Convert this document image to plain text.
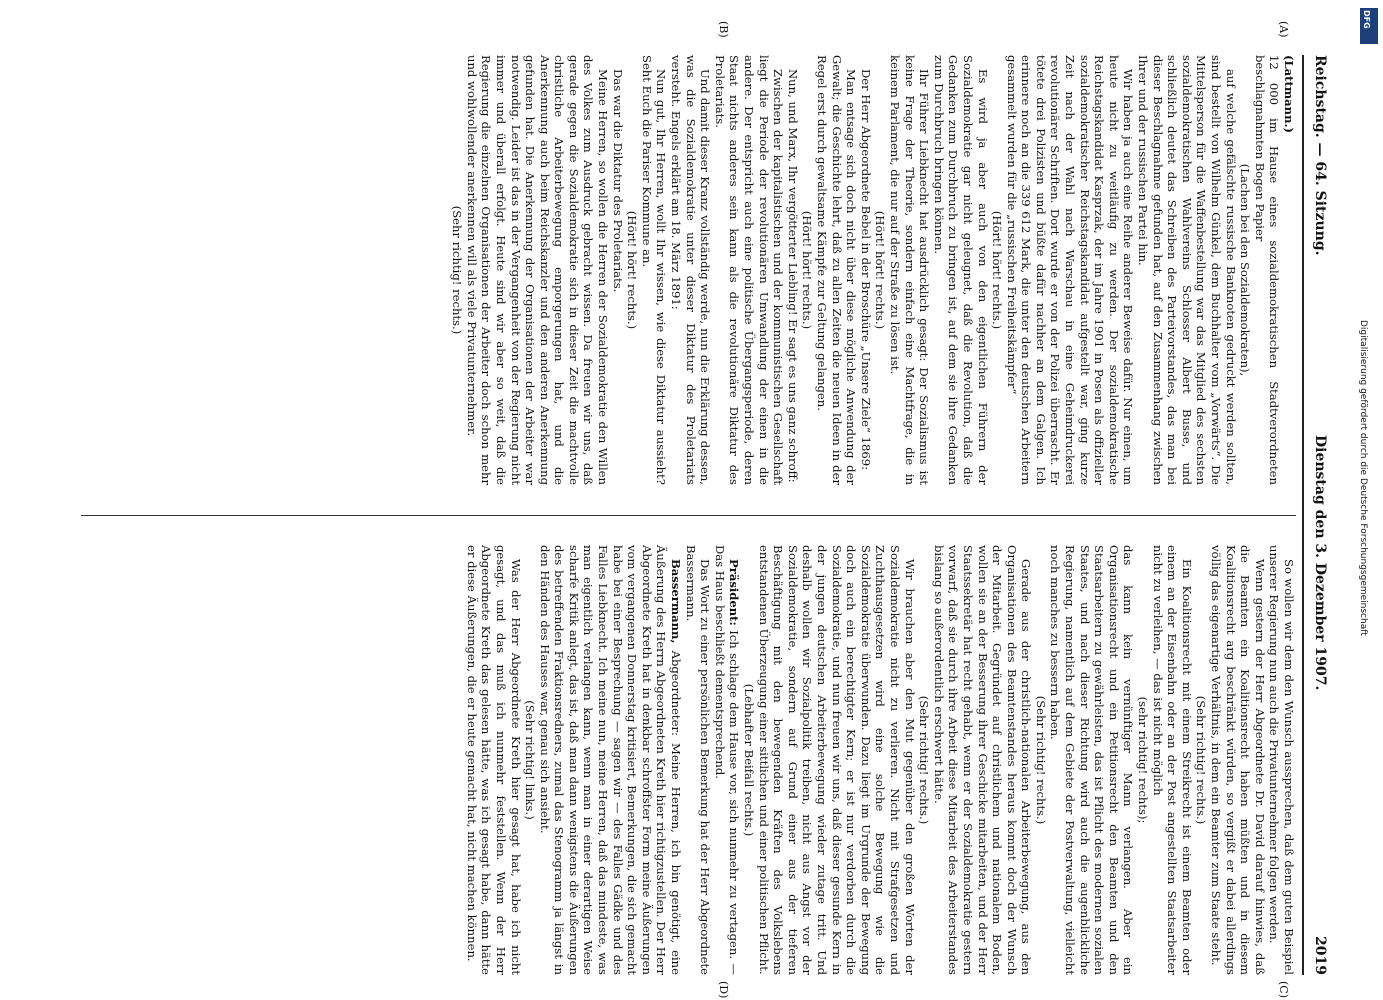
DFG
Digitalisierung gefördert durch die Deutsche Forschungsgemeinschaft
Reichstag. — 64. Sitzung.
Dienstag den 3. Dezember 1907.
2019
(A)
(B)
(C)
(D)

(Lattmann.)

12 000 im Hause eines sozialdemokratischen Stadtverordneten beschlagnahmten Bogen Papier

(Lachen bei den Sozialdemokraten),

auf welche gefälschte russische Banknoten gedruckt werden sollten, sind bestellt von Wilhelm Günkel, dem Buchhalter vom „Vorwärts“. Die Mittelsperson für die Waffenbestellung war das Mitglied des sechsten sozialdemokratischen Wahlvereins Schlosser Albert Busse, und schließlich deutet das Schreiben des Parteivorstandes, das man bei dieser Beschlagnahme gefunden hat, auf den Zusammenhang zwischen Ihrer und der russischen Partei hin.

Wir haben ja auch eine Reihe anderer Beweise dafür. Nur einen, um heute nicht zu weitläufig zu werden. Der sozialdemokratische Reichstagskandidat Kasprzak, der im Jahre 1901 in Posen als offizieller sozialdemokratischer Reichstagskandidat aufgestellt war, ging kurze Zeit nach der Wahl nach Warschau in eine Geheimdruckerei revolutionärer Schriften. Dort wurde er von der Polizei überrascht. Er tötete drei Polizisten und büßte dafür nachher an dem Galgen. Ich erinnere noch an die 339 612 Mark, die unter den deutschen Arbeitern gesammelt wurden für die „russischen Freiheitskämpfer“

(Hört! hört! rechts.)

Es wird ja aber auch von den eigentlichen Führern der Sozialdemokratie gar nicht geleugnet, daß die Revolution, daß die Gedanken zum Durchbruch zu bringen ist, auf dem sie ihre Gedanken zum Durchbruch bringen können.

Ihr Führer Liebknecht hat ausdrücklich gesagt: Der Sozialismus ist keine Frage der Theorie, sondern einfach eine Machtfrage, die in keinem Parlament, die nur auf der Straße zu lösen ist.

(Hört! hört! rechts.)

Der Herr Abgeordnete Bebel in der Broschüre „Unsere Ziele“ 1869:

Man entsage sich doch nicht über diese mögliche Anwendung der Gewalt; die Geschichte lehrt, daß zu allen Zeiten die neuen Ideen in der Regel erst durch gewaltsame Kämpfe zur Geltung gelangen.

(Hört! hört! rechts.)

Nun, und Marx, Ihr vergötterter Liebling! Er sagt es uns ganz schroff:

Zwischen der kapitalistischen und der kommunistischen Gesellschaft liegt die Periode der revolutionären Umwandlung der einen in die andere. Der entspricht auch eine politische Übergangsperiode, deren Staat nichts anderes sein kann als die revolutionäre Diktatur des Proletariats.

Und damit dieser Kranz vollständig werde, nun die Erklärung dessen, was die Sozialdemokratie unter dieser Diktatur des Proletariats versteht. Engels erklärt am 18. März 1891:

Nun gut, Ihr Herren, wollt Ihr wissen, wie diese Diktatur aussieht? Seht Euch die Pariser Kommune an.

(Hört! hört! rechts.)

Das war die Diktatur des Proletariats.

Meine Herren, so wollen die Herren der Sozialdemokratie den Willen des Volkes zum Ausdruck gebracht wissen. Da freuen wir uns, daß gerade gegen die Sozialdemokratie sich in dieser Zeit die machtvolle christliche Arbeiterbewegung emporgerungen hat, und die Anerkennung auch beim Reichskanzler und den anderen Anerkennung gefunden hat. Die Anerkennung der Organisationen der Arbeiter war notwendig. Leider ist das in der Vergangenheit von der Regierung nicht immer und überall erfolgt. Heute sind wir aber so weit, daß die Regierung die einzelnen Organisationen der Arbeiter doch schon mehr und wohlwollender anerkennen will als viele Privatunternehmer.

(Sehr richtig! rechts.)

So wollen wir dem den Wunsch aussprechen, daß dem guten Beispiel unserer Regierung nun auch die Privatunternehmer folgen werden.

Wenn gestern der Herr Abgeordnete Dr. David darauf hinwies, daß die Beamten ein Koalitionsrecht haben müßten und in diesem Koalitionsrecht arg beschränkt würden, so vergißt er dabei allerdings völlig das eigenartige Verhältnis, in dem ein Beamter zum Staate steht.

(Sehr richtig! rechts.)

Ein Koalitionsrecht mit einem Streikrecht ist einem Beamten oder einem an der Eisenbahn oder an der Post angestellten Staatsarbeiter nicht zu verleihen, — das ist nicht möglich

(sehr richtig! rechts);

das kann kein vernünftiger Mann verlangen. Aber ein Organisationsrecht und ein Petitionsrecht den Beamten und den Staatsarbeitern zu gewährleisten, das ist Pflicht des modernen sozialen Staates, und nach dieser Richtung wird auch die augenblickliche Regierung, namentlich auf dem Gebiete der Postverwaltung, vielleicht noch manches zu bessern haben.

(Sehr richtig! rechts.)

Gerade aus der christlich-nationalen Arbeiterbewegung, aus den Organisationen des Beamtenstandes heraus kommt doch der Wunsch der Mitarbeit. Gegründet auf christlichem und nationalem Boden, wollen sie an der Besserung ihrer Geschicke mitarbeiten, und der Herr Staatssekretär hat recht gehabt, wenn er der Sozialdemokratie gestern vorwarf, daß sie durch ihre Arbeit diese Mitarbeit des Arbeiterstandes bislang so außerordentlich erschwert hätte.

(Sehr richtig! rechts.)

Wir brauchen aber den Mut gegenüber den großen Worten der Sozialdemokratie nicht zu verlieren. Nicht mit Strafgesetzen und Zuchthausgesetzen wird eine solche Bewegung wie die Sozialdemokratie überwunden. Dazu liegt im Urgrunde der Bewegung doch auch ein berechtigter Kern; er ist nur verdorben durch die Sozialdemokratie, und nun freuen wir uns, daß dieser gesunde Kern in der jungen deutschen Arbeiterbewegung wieder zutage tritt. Und deshalb wollen wir Sozialpolitik treiben, nicht aus Angst vor der Sozialdemokratie, sondern auf Grund einer aus der tieferen Beschäftigung mit den bewegenden Kräften des Volkslebens entstandenen Überzeugung einer sittlichen und einer politischen Pflicht.

(Lebhafter Beifall rechts.)

Präsident: Ich schlage dem Hause vor, sich nunmehr zu vertagen. — Das Haus beschließt dementsprechend.

Das Wort zu einer persönlichen Bemerkung hat der Herr Abgeordnete Bassermann.

Bassermann, Abgeordneter: Meine Herren, ich bin genötigt, eine Äußerung des Herrn Abgeordneten Kreth hier richtigzustellen. Der Herr Abgeordnete Kreth hat in denkbar schroffster Form meine Äußerungen vom vergangenen Donnerstag kritisiert, Bemerkungen, die sich gemacht habe bei einer Besprechung — sagen wir — des Falles Gädke und des Falles Liebknecht. Ich meine nun, meine Herren, daß das mindeste, was man eigentlich verlangen kann, wenn man in einer derartigen Weise scharfe Kritik anlegt, das ist, daß man dann wenigstens die Äußerungen des betreffenden Fraktionsredners, zumal das Stenogramm ja längst in den Händen des Hauses war, genau sich ansieht.

(Sehr richtig! links.)

Was der Herr Abgeordnete Kreth hier gesagt hat, habe ich nicht gesagt, und das muß ich nunmehr feststellen. Wenn der Herr Abgeordnete Kreth das gelesen hätte, was ich gesagt habe, dann hätte er diese Äußerungen, die er heute gemacht hat, nicht machen können.
